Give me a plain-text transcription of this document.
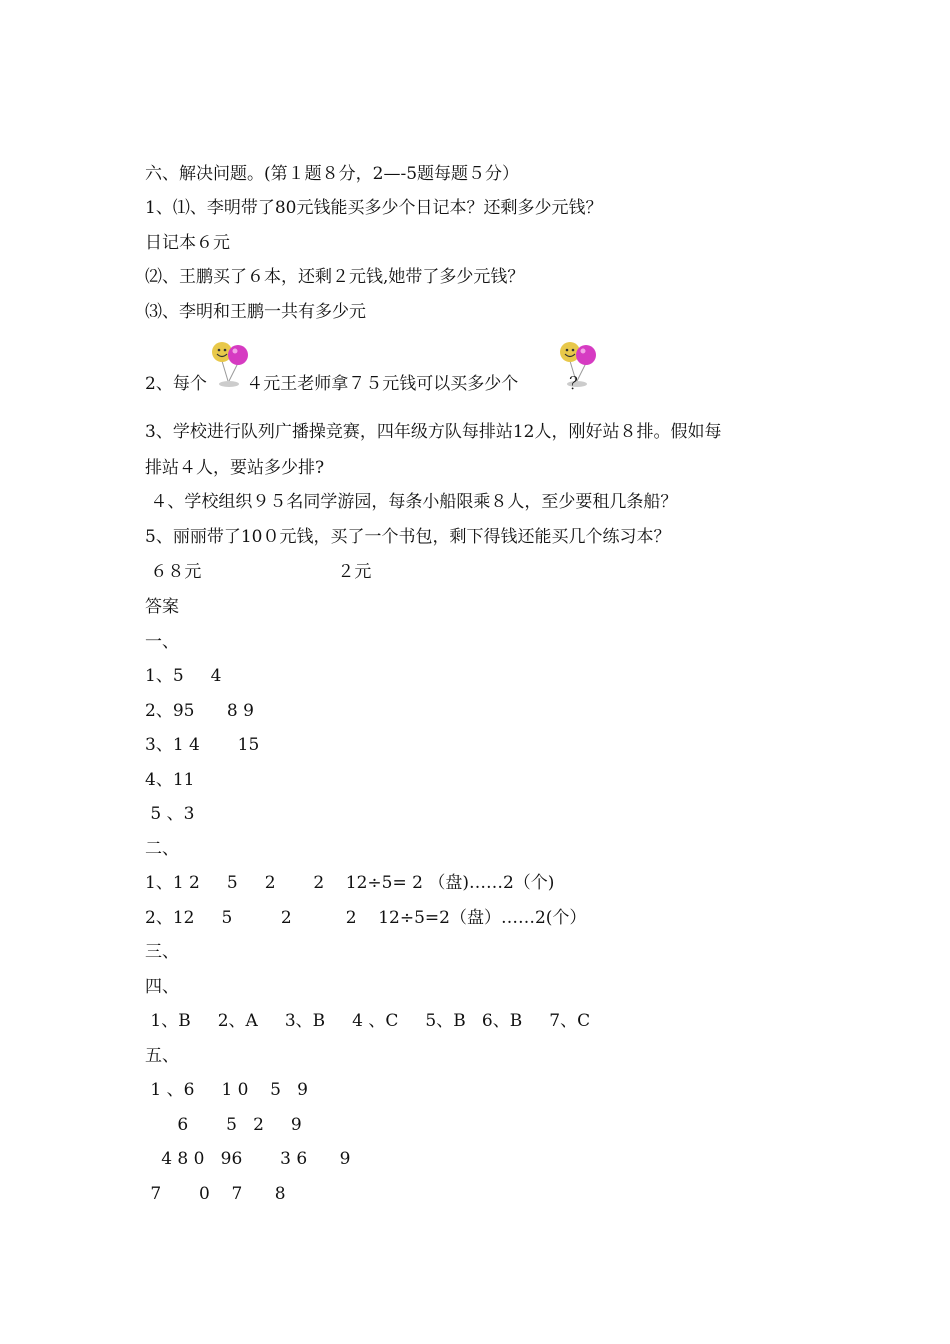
六、解决问题。(第１题８分，2—-5题每题５分）
1、⑴、李明带了80元钱能买多少个日记本？还剩多少元钱？
日记本６元
⑵、王鹏买了６本，还剩２元钱,她带了多少元钱？
⑶、李明和王鹏一共有多少元
2、每个 　　４元王老师拿７５元钱可以买多少个　　　？
3、学校进行队列广播操竞赛，四年级方队每排站12人，刚好站８排。假如每
排站４人，要站多少排?
４、学校组织９５名同学游园，每条小船限乘８人，至少要租几条船？
5、丽丽带了10０元钱，买了一个书包，剩下得钱还能买几个练习本？
６８元　　　　　　　　２元
答案
一、
1、5     4
2、95      8 9
3、1 4       15
4、11
5 、3
二、
1、1 2     5     2       2    12÷5= 2 （盘)……2（个)
2、12     5         2          2    12÷5=2（盘）……2(个）
三、
四、
1、B     2、A     3、B     4 、C     5、B   6、B     7、C
五、
1 、6     1 0    5   9
6       5   2     9
4 8 0   96       3 6      9
7       0    7      8
